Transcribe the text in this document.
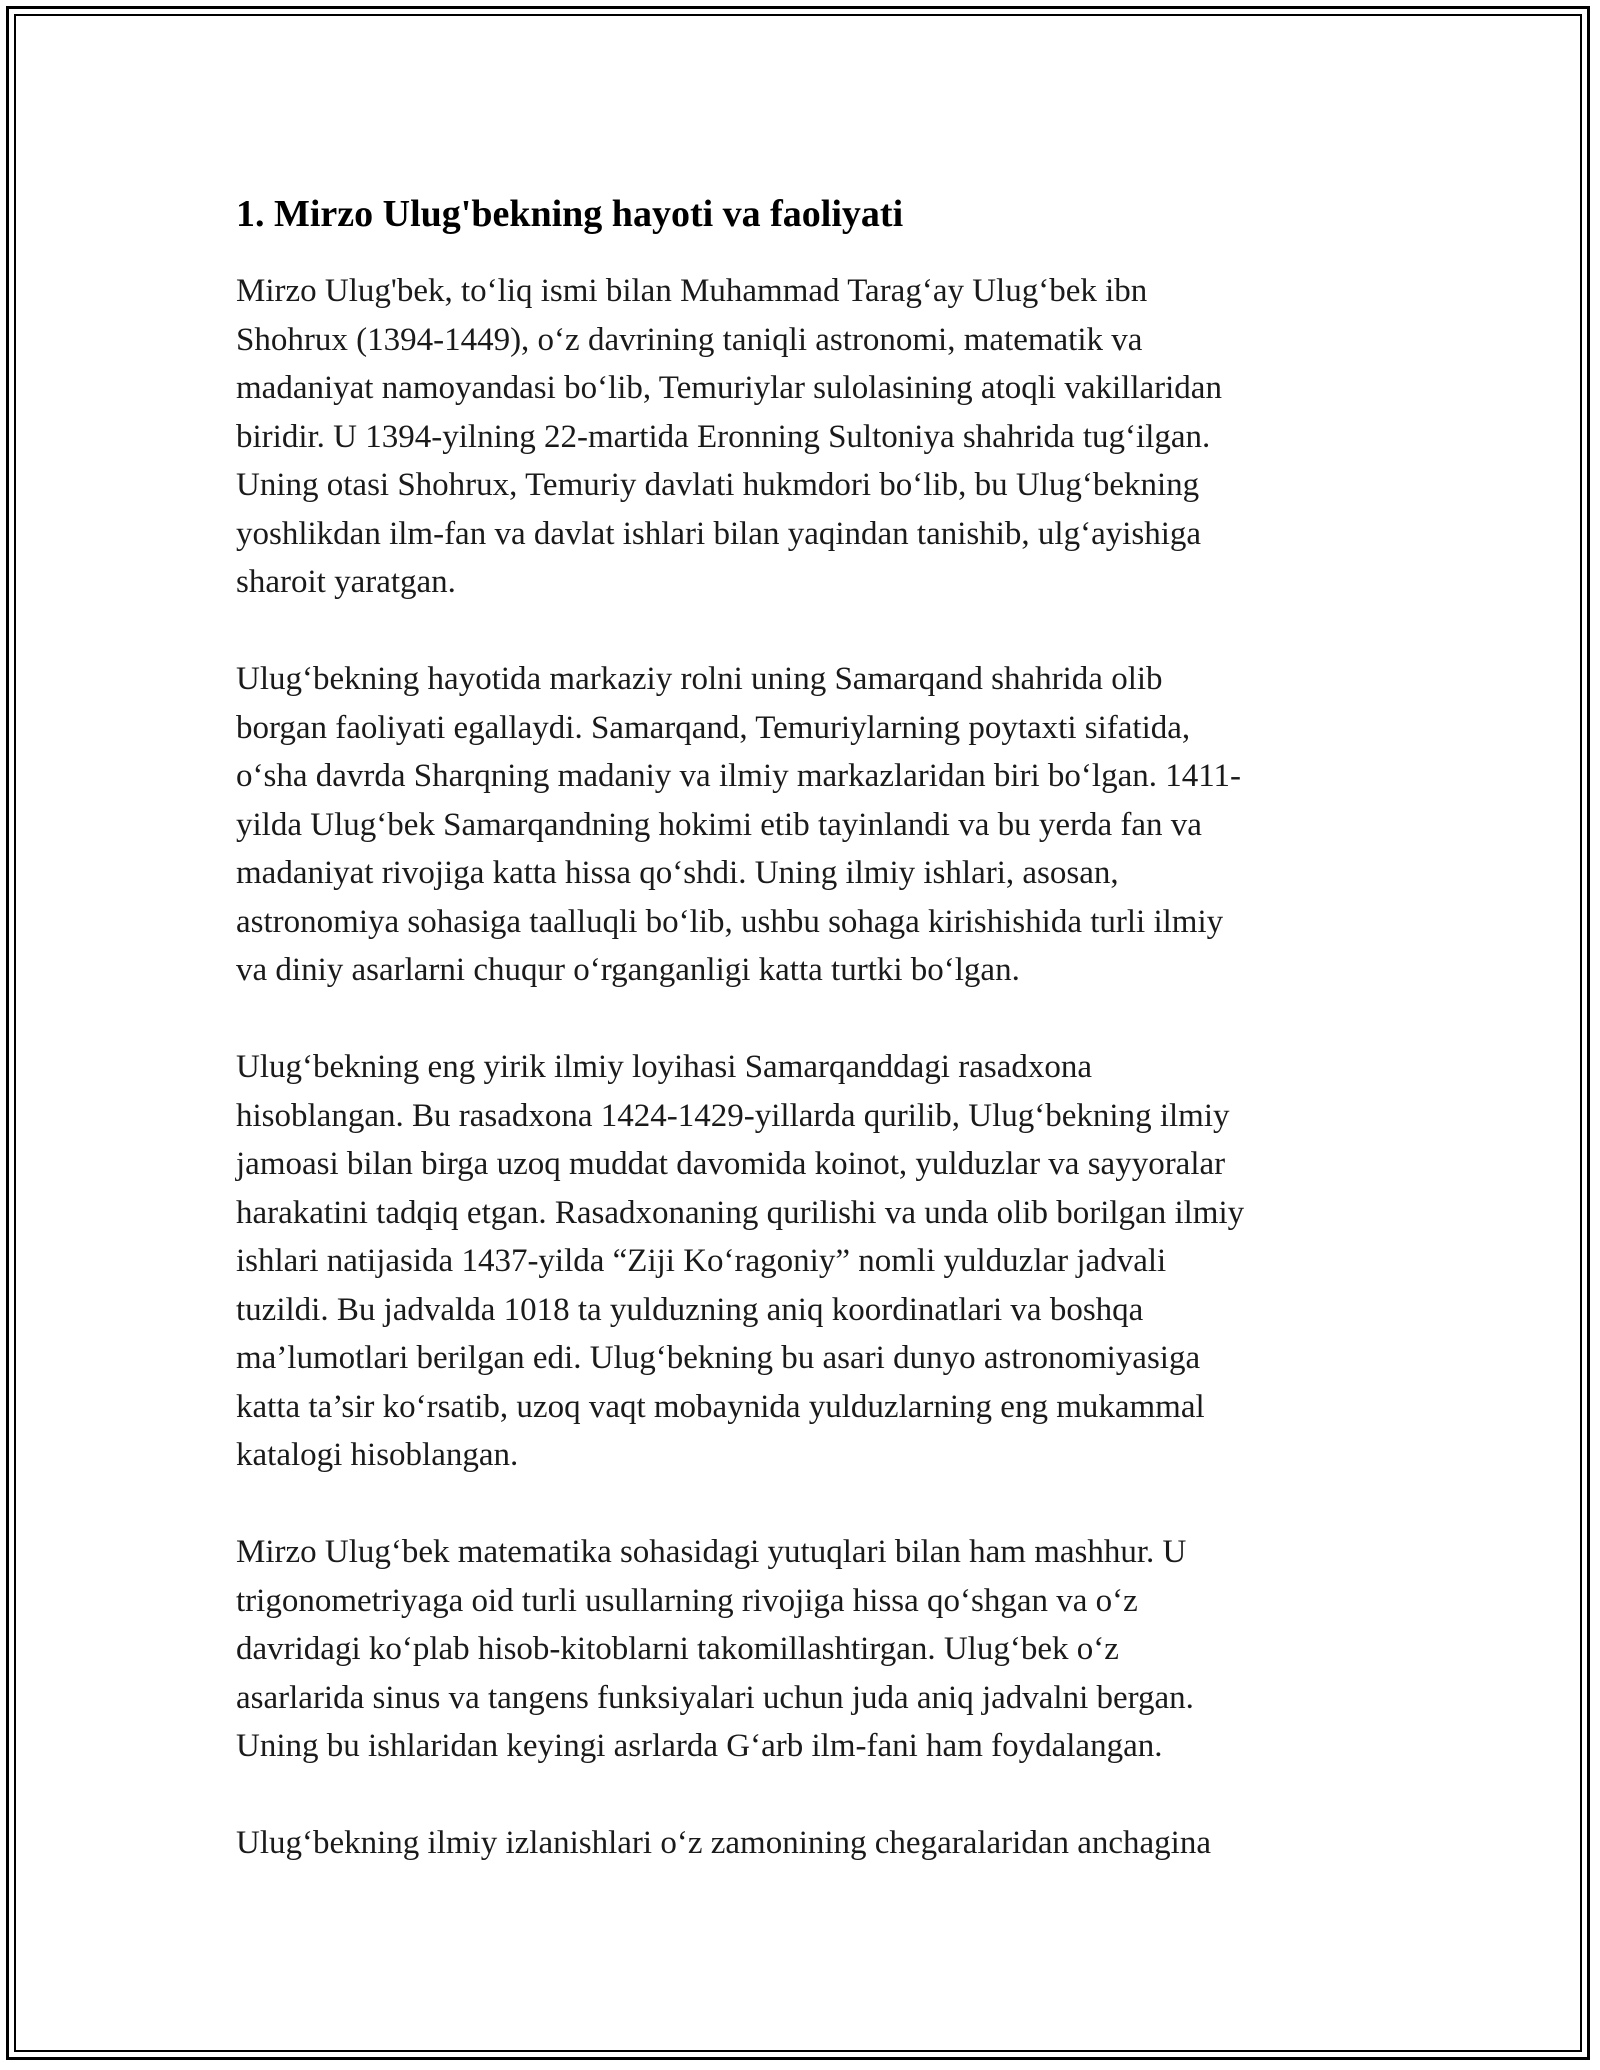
1. Mirzo Ulug'bekning hayoti va faoliyati

Mirzo Ulug'bek, to‘liq ismi bilan Muhammad Tarag‘ay Ulug‘bek ibn
Shohrux (1394-1449), o‘z davrining taniqli astronomi, matematik va
madaniyat namoyandasi bo‘lib, Temuriylar sulolasining atoqli vakillaridan
biridir. U 1394-yilning 22-martida Eronning Sultoniya shahrida tug‘ilgan.
Uning otasi Shohrux, Temuriy davlati hukmdori bo‘lib, bu Ulug‘bekning
yoshlikdan ilm-fan va davlat ishlari bilan yaqindan tanishib, ulg‘ayishiga
sharoit yaratgan.

Ulug‘bekning hayotida markaziy rolni uning Samarqand shahrida olib
borgan faoliyati egallaydi. Samarqand, Temuriylarning poytaxti sifatida,
o‘sha davrda Sharqning madaniy va ilmiy markazlaridan biri bo‘lgan. 1411-
yilda Ulug‘bek Samarqandning hokimi etib tayinlandi va bu yerda fan va
madaniyat rivojiga katta hissa qo‘shdi. Uning ilmiy ishlari, asosan,
astronomiya sohasiga taalluqli bo‘lib, ushbu sohaga kirishishida turli ilmiy
va diniy asarlarni chuqur o‘rganganligi katta turtki bo‘lgan.

Ulug‘bekning eng yirik ilmiy loyihasi Samarqanddagi rasadxona
hisoblangan. Bu rasadxona 1424-1429-yillarda qurilib, Ulug‘bekning ilmiy
jamoasi bilan birga uzoq muddat davomida koinot, yulduzlar va sayyoralar
harakatini tadqiq etgan. Rasadxonaning qurilishi va unda olib borilgan ilmiy
ishlari natijasida 1437-yilda “Ziji Ko‘ragoniy” nomli yulduzlar jadvali
tuzildi. Bu jadvalda 1018 ta yulduzning aniq koordinatlari va boshqa
ma’lumotlari berilgan edi. Ulug‘bekning bu asari dunyo astronomiyasiga
katta ta’sir ko‘rsatib, uzoq vaqt mobaynida yulduzlarning eng mukammal
katalogi hisoblangan.

Mirzo Ulug‘bek matematika sohasidagi yutuqlari bilan ham mashhur. U
trigonometriyaga oid turli usullarning rivojiga hissa qo‘shgan va o‘z
davridagi ko‘plab hisob-kitoblarni takomillashtirgan. Ulug‘bek o‘z
asarlarida sinus va tangens funksiyalari uchun juda aniq jadvalni bergan.
Uning bu ishlaridan keyingi asrlarda G‘arb ilm-fani ham foydalangan.

Ulug‘bekning ilmiy izlanishlari o‘z zamonining chegaralaridan anchagina
